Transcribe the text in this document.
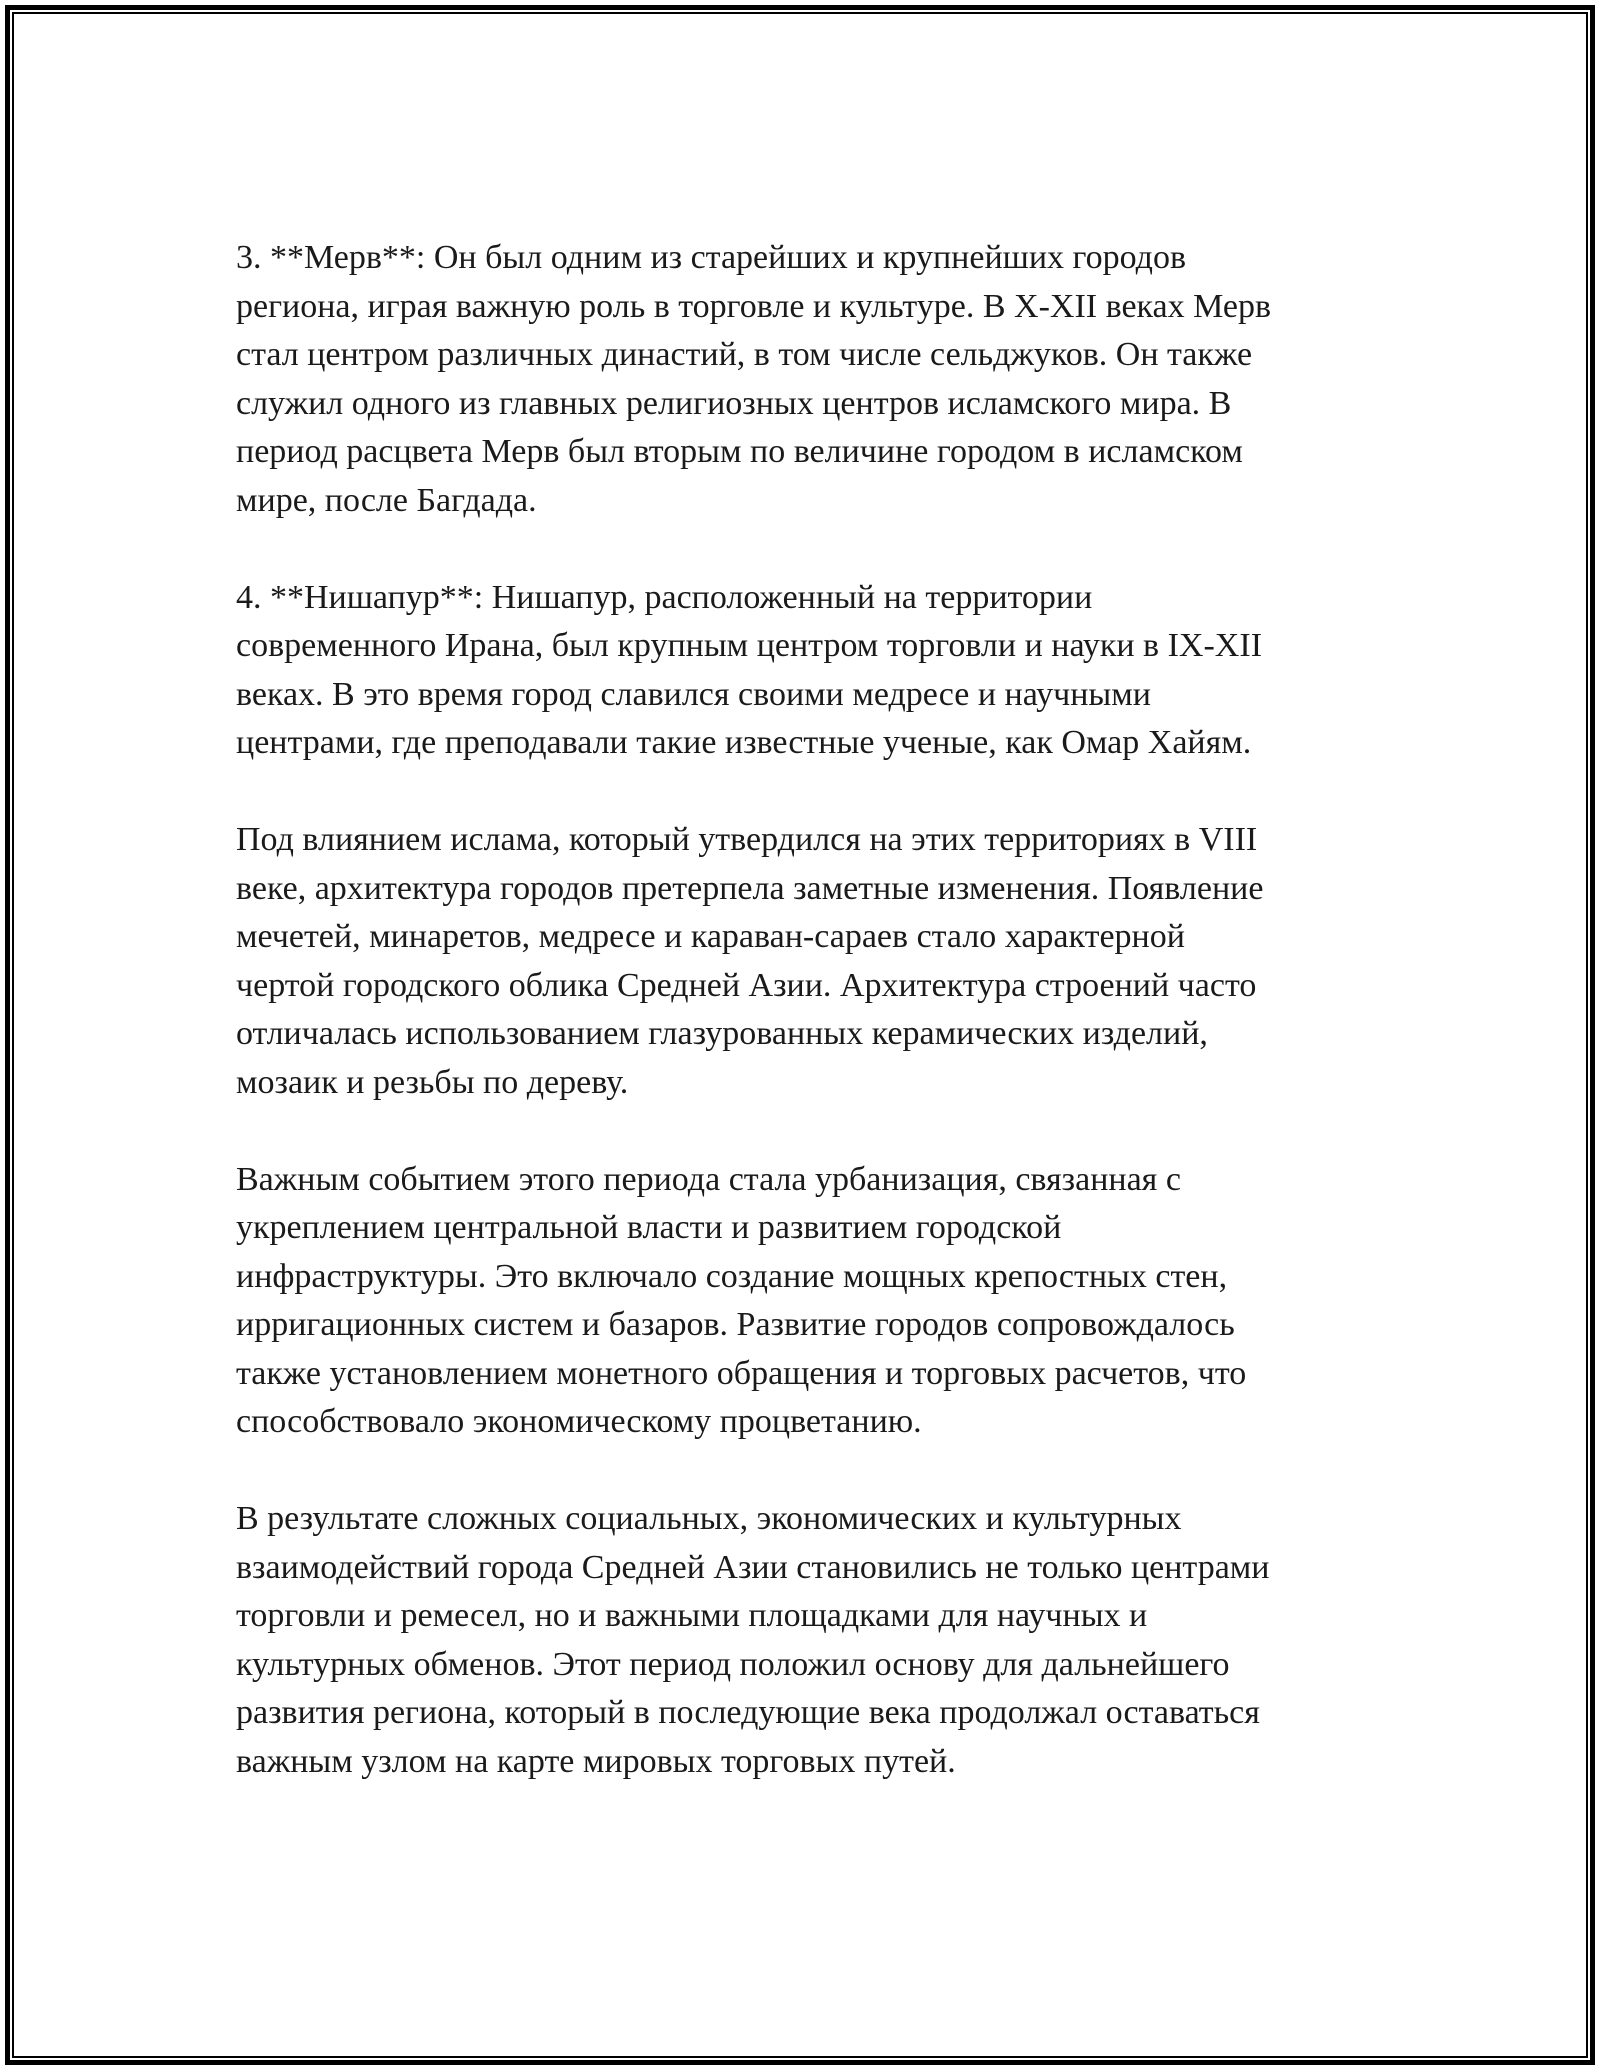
3. **Мерв**: Он был одним из старейших и крупнейших городов
региона, играя важную роль в торговле и культуре. В X-XII веках Мерв
стал центром различных династий, в том числе сельджуков. Он также
служил одного из главных религиозных центров исламского мира. В
период расцвета Мерв был вторым по величине городом в исламском
мире, после Багдада.

4. **Нишапур**: Нишапур, расположенный на территории
современного Ирана, был крупным центром торговли и науки в IX-XII
веках. В это время город славился своими медресе и научными
центрами, где преподавали такие известные ученые, как Омар Хайям.

Под влиянием ислама, который утвердился на этих территориях в VIII
веке, архитектура городов претерпела заметные изменения. Появление
мечетей, минаретов, медресе и караван-сараев стало характерной
чертой городского облика Средней Азии. Архитектура строений часто
отличалась использованием глазурованных керамических изделий,
мозаик и резьбы по дереву.

Важным событием этого периода стала урбанизация, связанная с
укреплением центральной власти и развитием городской
инфраструктуры. Это включало создание мощных крепостных стен,
ирригационных систем и базаров. Развитие городов сопровождалось
также установлением монетного обращения и торговых расчетов, что
способствовало экономическому процветанию.

В результате сложных социальных, экономических и культурных
взаимодействий города Средней Азии становились не только центрами
торговли и ремесел, но и важными площадками для научных и
культурных обменов. Этот период положил основу для дальнейшего
развития региона, который в последующие века продолжал оставаться
важным узлом на карте мировых торговых путей.
